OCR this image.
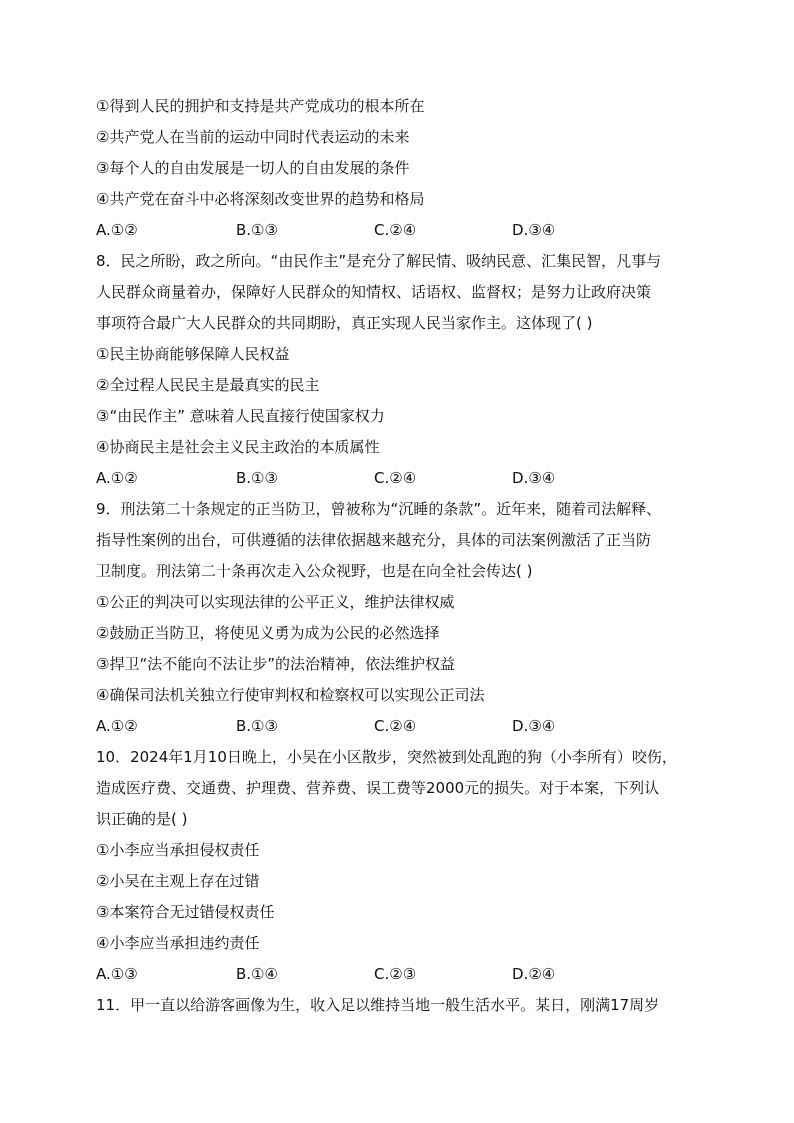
①得到人民的拥护和支持是共产党成功的根本所在
②共产党人在当前的运动中同时代表运动的未来
③每个人的自由发展是一切人的自由发展的条件
④共产党在奋斗中必将深刻改变世界的趋势和格局
A.①②	B.①③	C.②④	D.③④
8．民之所盼，政之所向。“由民作主”是充分了解民情、吸纳民意、汇集民智，凡事与
人民群众商量着办，保障好人民群众的知情权、话语权、监督权；是努力让政府决策
事项符合最广大人民群众的共同期盼，真正实现人民当家作主。这体现了( )
①民主协商能够保障人民权益
②全过程人民民主是最真实的民主
③“由民作主” 意味着人民直接行使国家权力
④协商民主是社会主义民主政治的本质属性
A.①②	B.①③	C.②④	D.③④
9．刑法第二十条规定的正当防卫，曾被称为“沉睡的条款”。近年来，随着司法解释、
指导性案例的出台，可供遵循的法律依据越来越充分，具体的司法案例激活了正当防
卫制度。刑法第二十条再次走入公众视野，也是在向全社会传达( )
①公正的判决可以实现法律的公平正义，维护法律权威
②鼓励正当防卫，将使见义勇为成为公民的必然选择
③捍卫“法不能向不法让步”的法治精神，依法维护权益
④确保司法机关独立行使审判权和检察权可以实现公正司法
A.①②	B.①③	C.②④	D.③④
10．2024年1月10日晚上，小吴在小区散步，突然被到处乱跑的狗（小李所有）咬伤，
造成医疗费、交通费、护理费、营养费、误工费等2000元的损失。对于本案，下列认
识正确的是( )
①小李应当承担侵权责任
②小吴在主观上存在过错
③本案符合无过错侵权责任
④小李应当承担违约责任
A.①③	B.①④	C.②③	D.②④
11．甲一直以给游客画像为生，收入足以维持当地一般生活水平。某日，刚满17周岁
